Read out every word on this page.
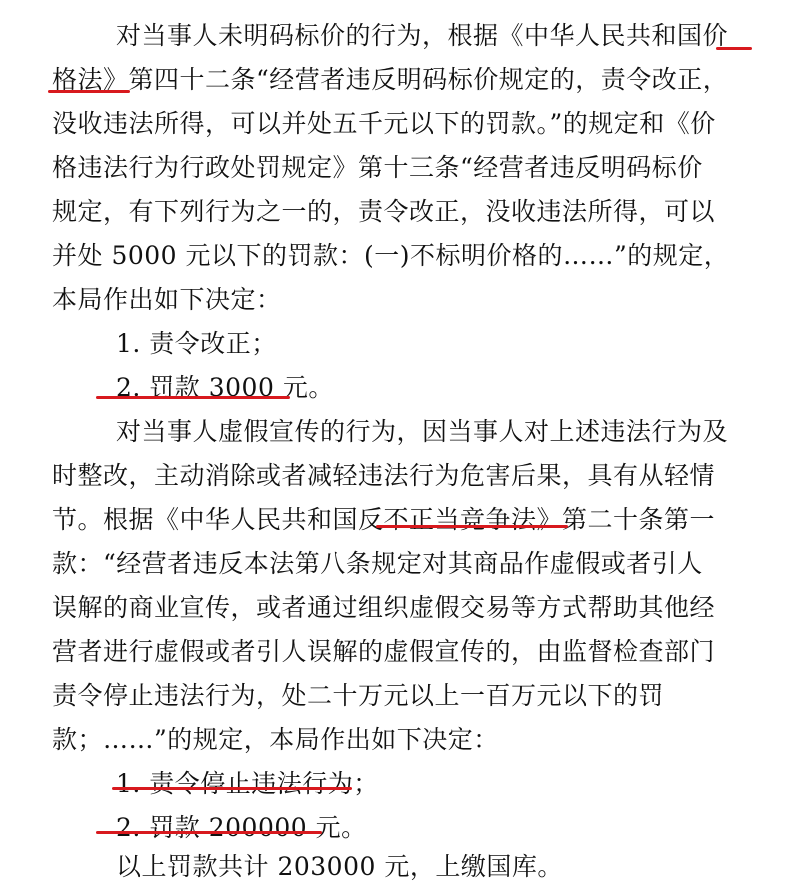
对当事人未明码标价的行为，根据《中华人民共和国价
格法》第四十二条“经营者违反明码标价规定的，责令改正，
没收违法所得，可以并处五千元以下的罚款。”的规定和《价
格违法行为行政处罚规定》第十三条“经营者违反明码标价
规定，有下列行为之一的，责令改正，没收违法所得，可以
并处 5000 元以下的罚款：(一)不标明价格的……”的规定，
本局作出如下决定：
1. 责令改正；
2. 罚款 3000 元。
对当事人虚假宣传的行为，因当事人对上述违法行为及
时整改，主动消除或者减轻违法行为危害后果，具有从轻情
节。根据《中华人民共和国反不正当竞争法》第二十条第一
款：“经营者违反本法第八条规定对其商品作虚假或者引人
误解的商业宣传，或者通过组织虚假交易等方式帮助其他经
营者进行虚假或者引人误解的虚假宣传的，由监督检查部门
责令停止违法行为，处二十万元以上一百万元以下的罚
款；……”的规定，本局作出如下决定：
1. 责令停止违法行为；
2. 罚款 200000 元。
以上罚款共计 203000 元，上缴国库。
